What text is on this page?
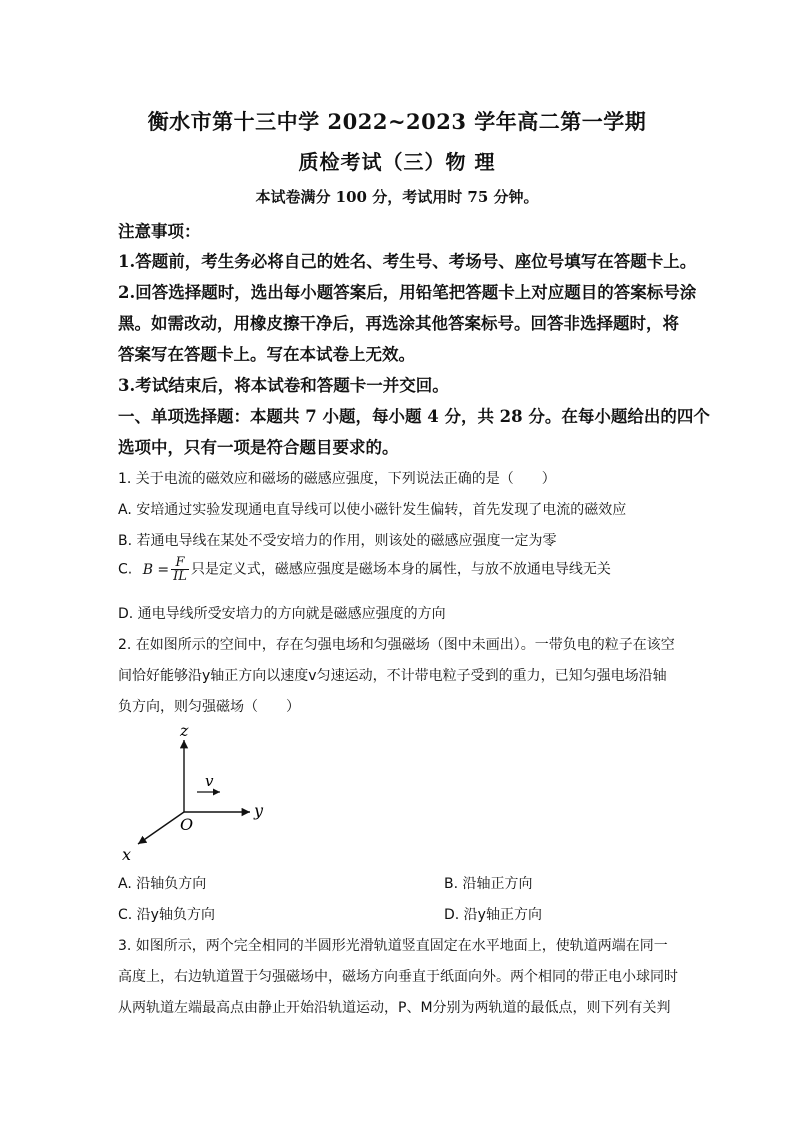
衡水市第十三中学 2022~2023 学年高二第一学期
质检考试（三）物 理
本试卷满分 100 分，考试用时 75 分钟。
注意事项：
1.答题前，考生务必将自己的姓名、考生号、考场号、座位号填写在答题卡上。
2.回答选择题时，选出每小题答案后，用铅笔把答题卡上对应题目的答案标号涂
黑。如需改动，用橡皮擦干净后，再选涂其他答案标号。回答非选择题时，将
答案写在答题卡上。写在本试卷上无效。
3.考试结束后，将本试卷和答题卡一并交回。
一、单项选择题：本题共 7 小题，每小题 4 分，共 28 分。在每小题给出的四个
选项中，只有一项是符合题目要求的。
1. 关于电流的磁效应和磁场的磁感应强度，下列说法正确的是（　　）
A. 安培通过实验发现通电直导线可以使小磁针发生偏转，首先发现了电流的磁效应
B. 若通电导线在某处不受安培力的作用，则该处的磁感应强度一定为零
C. $B = \frac{F}{IL}$ 只是定义式，磁感应强度是磁场本身的属性，与放不放通电导线无关
D. 通电导线所受安培力的方向就是磁感应强度的方向
2. 在如图所示的空间中，存在匀强电场和匀强磁场（图中未画出）。一带负电的粒子在该空
间恰好能够沿y轴正方向以速度v匀速运动，不计带电粒子受到的重力，已知匀强电场沿轴
负方向，则匀强磁场（　　）
z
y
x
O
v
A. 沿轴负方向	B. 沿轴正方向
C. 沿y轴负方向	D. 沿y轴正方向
3. 如图所示，两个完全相同的半圆形光滑轨道竖直固定在水平地面上，使轨道两端在同一
高度上，右边轨道置于匀强磁场中，磁场方向垂直于纸面向外。两个相同的带正电小球同时
从两轨道左端最高点由静止开始沿轨道运动，P、M分别为两轨道的最低点，则下列有关判
